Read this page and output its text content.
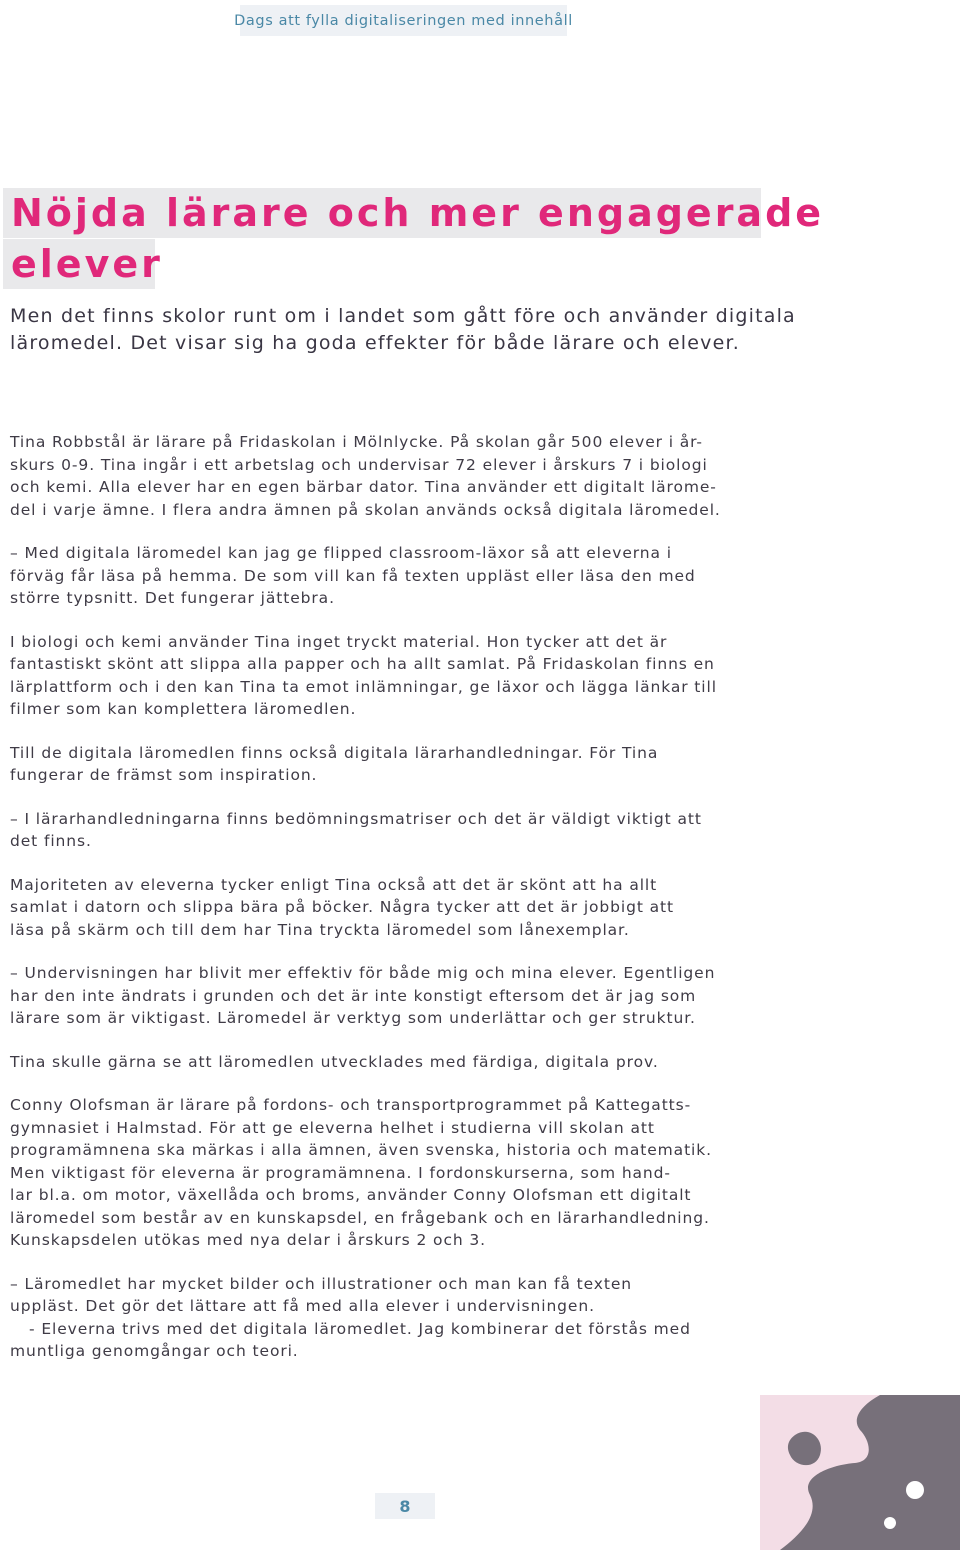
Dags att fylla digitaliseringen med innehåll
Nöjda lärare och mer engagerade
elever
Men det finns skolor runt om i landet som gått före och använder digitala
läromedel. Det visar sig ha goda effekter för både lärare och elever.

Tina Robbstål är lärare på Fridaskolan i Mölnlycke. På skolan går 500 elever i år-
skurs 0-9. Tina ingår i ett arbetslag och undervisar 72 elever i årskurs 7 i biologi
och kemi. Alla elever har en egen bärbar dator. Tina använder ett digitalt lärome-
del i varje ämne. I flera andra ämnen på skolan används också digitala läromedel.

– Med digitala läromedel kan jag ge flipped classroom-läxor så att eleverna i
förväg får läsa på hemma. De som vill kan få texten uppläst eller läsa den med
större typsnitt. Det fungerar jättebra.

I biologi och kemi använder Tina inget tryckt material. Hon tycker att det är
fantastiskt skönt att slippa alla papper och ha allt samlat. På Fridaskolan finns en
lärplattform och i den kan Tina ta emot inlämningar, ge läxor och lägga länkar till
filmer som kan komplettera läromedlen.

Till de digitala läromedlen finns också digitala lärarhandledningar. För Tina
fungerar de främst som inspiration.

– I lärarhandledningarna finns bedömningsmatriser och det är väldigt viktigt att
det finns.

Majoriteten av eleverna tycker enligt Tina också att det är skönt att ha allt
samlat i datorn och slippa bära på böcker. Några tycker att det är jobbigt att
läsa på skärm och till dem har Tina tryckta läromedel som lånexemplar.

– Undervisningen har blivit mer effektiv för både mig och mina elever. Egentligen
har den inte ändrats i grunden och det är inte konstigt eftersom det är jag som
lärare som är viktigast. Läromedel är verktyg som underlättar och ger struktur.

Tina skulle gärna se att läromedlen utvecklades med färdiga, digitala prov.

Conny Olofsman är lärare på fordons- och transportprogrammet på Kattegatts-
gymnasiet i Halmstad. För att ge eleverna helhet i studierna vill skolan att
programämnena ska märkas i alla ämnen, även svenska, historia och matematik.
Men viktigast för eleverna är programämnena. I fordonskurserna, som hand-
lar bl.a. om motor, växellåda och broms, använder Conny Olofsman ett digitalt
läromedel som består av en kunskapsdel, en frågebank och en lärarhandledning.
Kunskapsdelen utökas med nya delar i årskurs 2 och 3.

– Läromedlet har mycket bilder och illustrationer och man kan få texten
uppläst. Det gör det lättare att få med alla elever i undervisningen.
- Eleverna trivs med det digitala läromedlet. Jag kombinerar det förstås med
muntliga genomgångar och teori.

8
